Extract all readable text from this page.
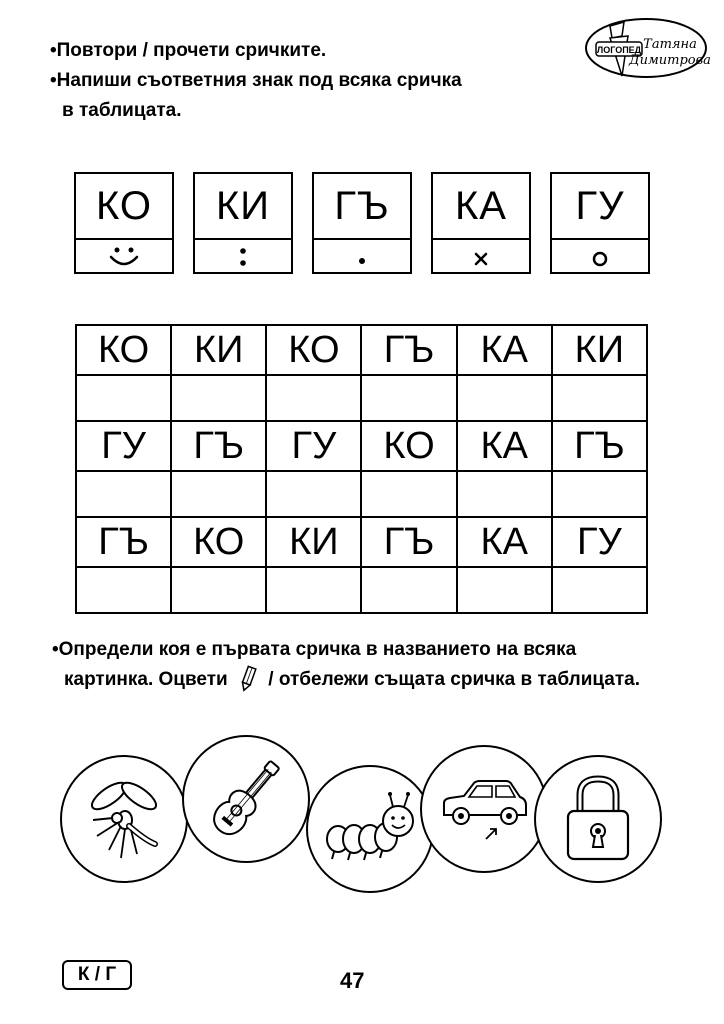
•Повтори / прочети сричките.
•Напиши съответния знак под всяка сричка
в таблицата.
ЛОГОПЕД Татяна
Димитрова
КО	КИ	ГЪ	КА	ГУ
КО	КИ	КО	ГЪ	КА	КИ

ГУ	ГЪ	ГУ	КО	КА	ГЪ

ГЪ	КО	КИ	ГЪ	КА	ГУ

•Определи коя е първата сричка в названието на всяка
картинка. Оцвети / отбележи същата сричка в таблицата.
К / Г	47
